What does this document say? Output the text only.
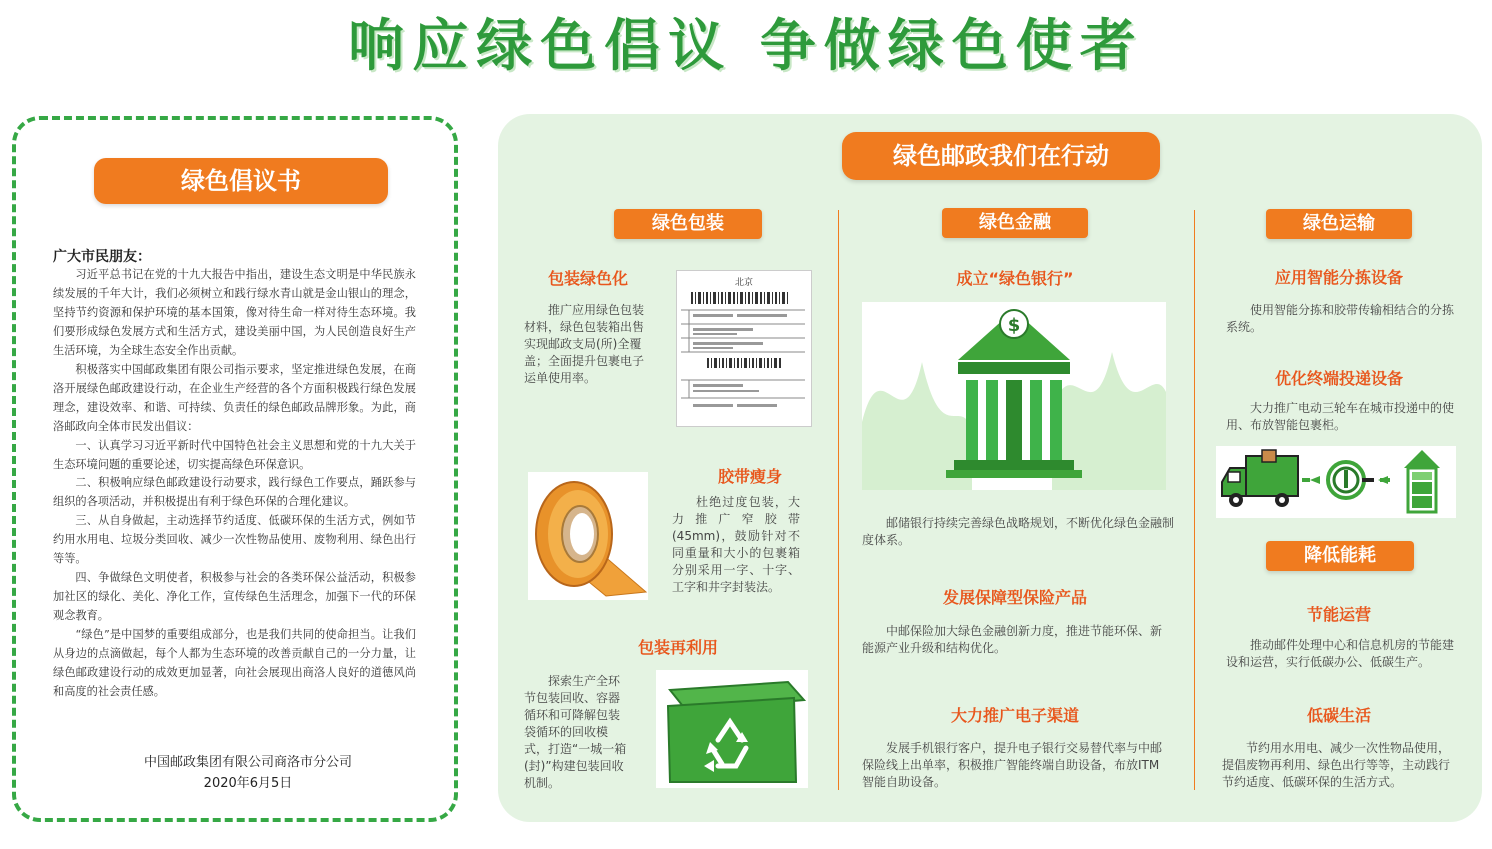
响应绿色倡议 争做绿色使者
绿色倡议书
广大市民朋友：

习近平总书记在党的十九大报告中指出，建设生态文明是中华民族永续发展的千年大计，我们必须树立和践行绿水青山就是金山银山的理念，坚持节约资源和保护环境的基本国策，像对待生命一样对待生态环境。我们要形成绿色发展方式和生活方式，建设美丽中国，为人民创造良好生产生活环境，为全球生态安全作出贡献。

积极落实中国邮政集团有限公司指示要求，坚定推进绿色发展，在商洛开展绿色邮政建设行动，在企业生产经营的各个方面积极践行绿色发展理念，建设效率、和谐、可持续、负责任的绿色邮政品牌形象。为此，商洛邮政向全体市民发出倡议：

一、认真学习习近平新时代中国特色社会主义思想和党的十九大关于生态环境问题的重要论述，切实提高绿色环保意识。

二、积极响应绿色邮政建设行动要求，践行绿色工作要点，踊跃参与组织的各项活动，并积极提出有利于绿色环保的合理化建议。

三、从自身做起，主动选择节约适度、低碳环保的生活方式，例如节约用水用电、垃圾分类回收、减少一次性物品使用、废物利用、绿色出行等等。

四、争做绿色文明使者，积极参与社会的各类环保公益活动，积极参加社区的绿化、美化、净化工作，宣传绿色生活理念，加强下一代的环保观念教育。

“绿色”是中国梦的重要组成部分，也是我们共同的使命担当。让我们从身边的点滴做起，每个人都为生态环境的改善贡献自己的一分力量，让绿色邮政建设行动的成效更加显著，向社会展现出商洛人良好的道德风尚和高度的社会责任感。

中国邮政集团有限公司商洛市分公司
2020年6月5日
绿色邮政我们在行动
绿色包装
包装绿色化
推广应用绿色包装材料，绿色包装箱出售实现邮政支局(所)全覆盖；全面提升包裹电子运单使用率。
北京
胶带瘦身
杜绝过度包装，大力推广窄胶带(45mm)，鼓励针对不同重量和大小的包裹箱分别采用一字、十字、工字和井字封装法。
包装再利用
探索生产全环节包装回收、容器循环和可降解包装袋循环的回收模式，打造“一城一箱(封)”构建包装回收机制。
绿色金融
成立“绿色银行”
$
邮储银行持续完善绿色战略规划，不断优化绿色金融制度体系。
发展保障型保险产品
中邮保险加大绿色金融创新力度，推进节能环保、新能源产业升级和结构优化。
大力推广电子渠道
发展手机银行客户，提升电子银行交易替代率与中邮保险线上出单率，积极推广智能终端自助设备，布放ITM智能自助设备。
绿色运输
应用智能分拣设备
使用智能分拣和胶带传输相结合的分拣系统。
优化终端投递设备
大力推广电动三轮车在城市投递中的使用、布放智能包裹柜。
降低能耗
节能运营
推动邮件处理中心和信息机房的节能建设和运营，实行低碳办公、低碳生产。
低碳生活
节约用水用电、减少一次性物品使用，提倡废物再利用、绿色出行等等，主动践行节约适度、低碳环保的生活方式。
